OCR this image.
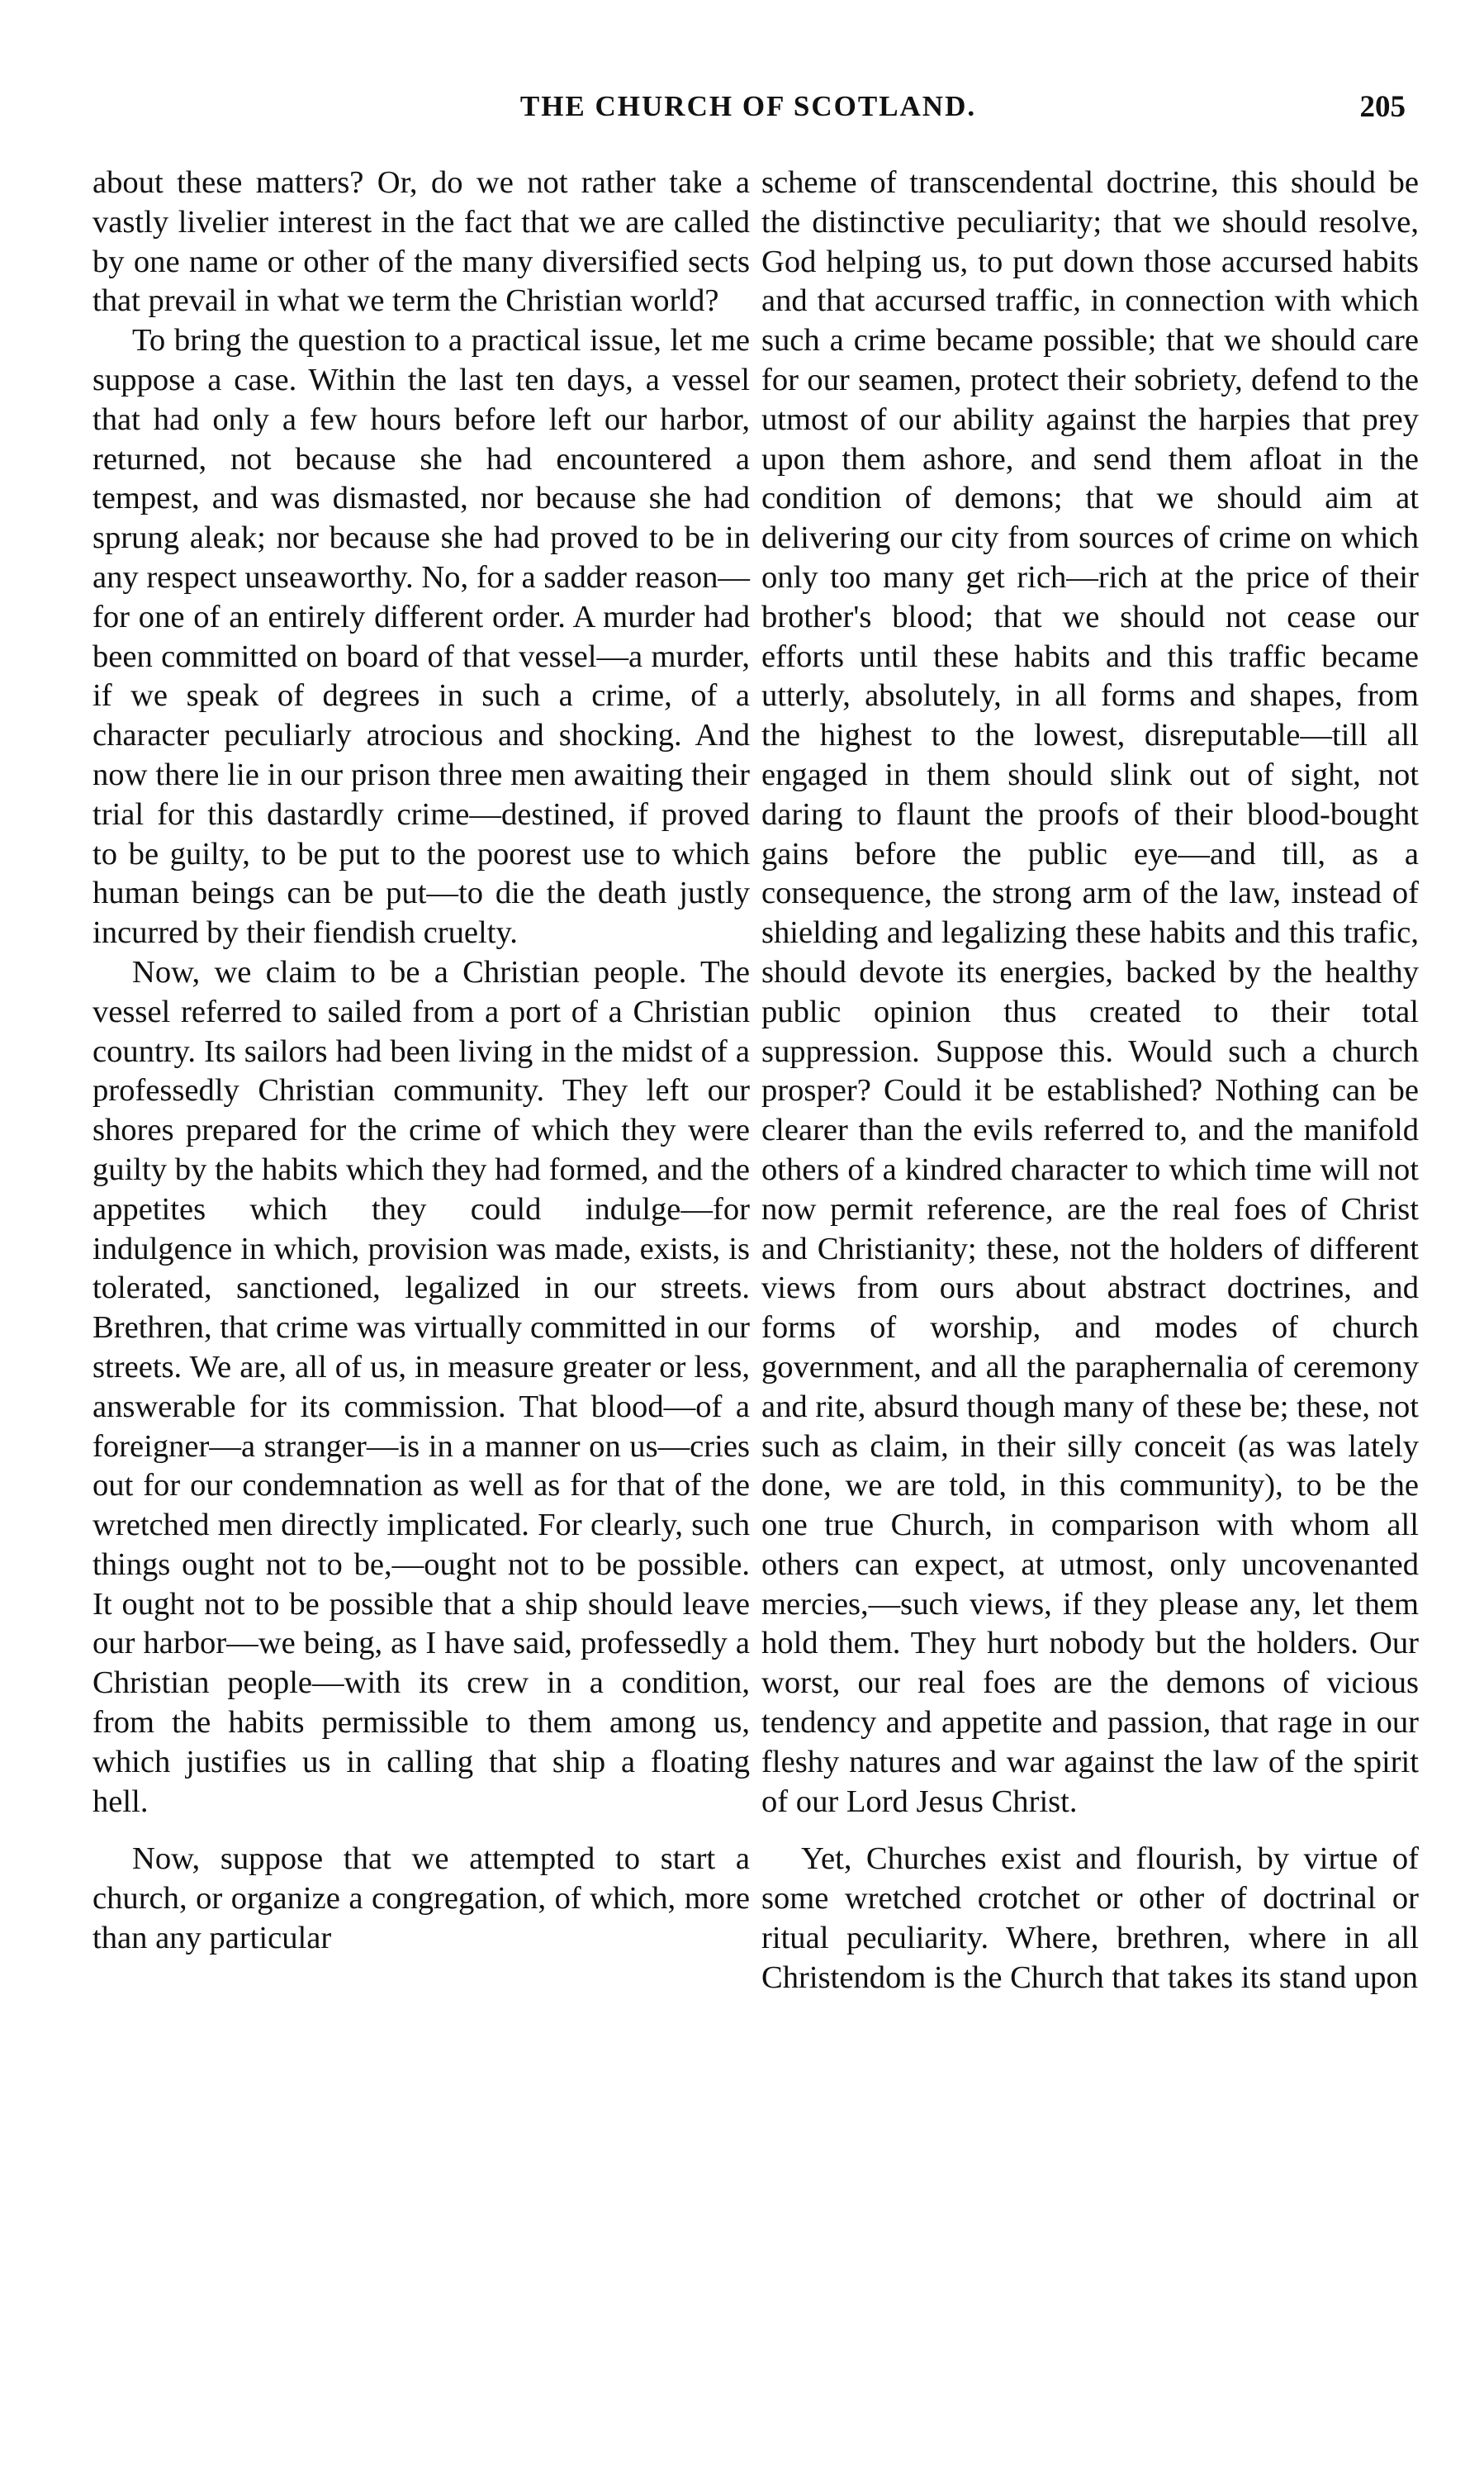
THE CHURCH OF SCOTLAND.	205

about these matters? Or, do we not rather take a vastly livelier interest in the fact that we are called by one name or other of the many diversified sects that prevail in what we term the Christian world?

To bring the question to a practical issue, let me suppose a case. Within the last ten days, a vessel that had only a few hours before left our harbor, returned, not because she had encountered a tempest, and was dismasted, nor because she had sprung aleak; nor because she had proved to be in any respect unseaworthy. No, for a sadder reason—for one of an entirely different order. A murder had been committed on board of that vessel—a murder, if we speak of degrees in such a crime, of a character peculiarly atrocious and shocking. And now there lie in our prison three men awaiting their trial for this dastardly crime—destined, if proved to be guilty, to be put to the poorest use to which human beings can be put—to die the death justly incurred by their fiendish cruelty.

Now, we claim to be a Christian people. The vessel referred to sailed from a port of a Christian country. Its sailors had been living in the midst of a professedly Christian community. They left our shores prepared for the crime of which they were guilty by the habits which they had formed, and the appetites which they could indulge—for indulgence in which, provision was made, exists, is tolerated, sanctioned, legalized in our streets. Brethren, that crime was virtually committed in our streets. We are, all of us, in measure greater or less, answerable for its commission. That blood—of a foreigner—a stranger—is in a manner on us—cries out for our condemnation as well as for that of the wretched men directly implicated. For clearly, such things ought not to be,—ought not to be possible. It ought not to be possible that a ship should leave our harbor—we being, as I have said, professedly a Christian people—with its crew in a condition, from the habits permissible to them among us, which justifies us in calling that ship a floating hell.

Now, suppose that we attempted to start a church, or organize a congregation, of which, more than any particular

scheme of transcendental doctrine, this should be the distinctive peculiarity; that we should resolve, God helping us, to put down those accursed habits and that accursed traffic, in connection with which such a crime became possible; that we should care for our seamen, protect their sobriety, defend to the utmost of our ability against the harpies that prey upon them ashore, and send them afloat in the condition of demons; that we should aim at delivering our city from sources of crime on which only too many get rich—rich at the price of their brother's blood; that we should not cease our efforts until these habits and this traffic became utterly, absolutely, in all forms and shapes, from the highest to the lowest, disreputable—till all engaged in them should slink out of sight, not daring to flaunt the proofs of their blood-bought gains before the public eye—and till, as a consequence, the strong arm of the law, instead of shielding and legalizing these habits and this trafic, should devote its energies, backed by the healthy public opinion thus created to their total suppression. Suppose this. Would such a church prosper? Could it be established? Nothing can be clearer than the evils referred to, and the manifold others of a kindred character to which time will not now permit reference, are the real foes of Christ and Christianity; these, not the holders of different views from ours about abstract doctrines, and forms of worship, and modes of church government, and all the paraphernalia of ceremony and rite, absurd though many of these be; these, not such as claim, in their silly conceit (as was lately done, we are told, in this community), to be the one true Church, in comparison with whom all others can expect, at utmost, only uncovenanted mercies,—such views, if they please any, let them hold them. They hurt nobody but the holders. Our worst, our real foes are the demons of vicious tendency and appetite and passion, that rage in our fleshy natures and war against the law of the spirit of our Lord Jesus Christ.

Yet, Churches exist and flourish, by virtue of some wretched crotchet or other of doctrinal or ritual peculiarity. Where, brethren, where in all Christendom is the Church that takes its stand upon
